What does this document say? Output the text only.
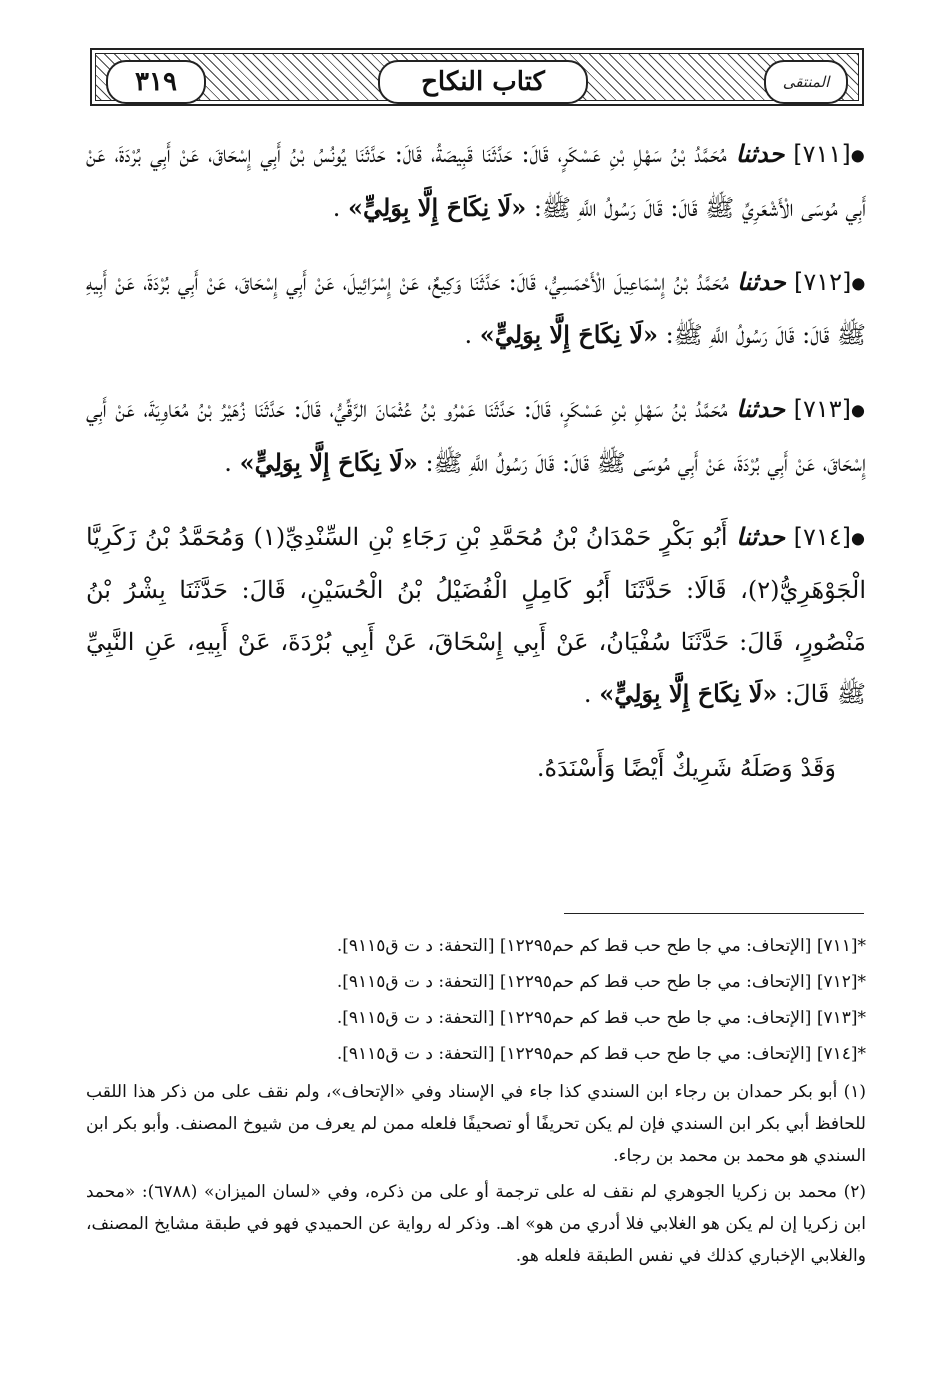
٣١٩	كتاب النكاح	المنتقى

●[٧١١] حدثنا مُحَمَّدُ بْنُ سَهْلِ بْنِ عَسْكَرٍ، قَالَ: حَدَّثَنَا قَبِيصَةُ، قَالَ: حَدَّثَنَا يُونُسُ بْنُ أَبِي إِسْحَاقَ، عَنْ أَبِي بُرْدَةَ، عَنْ أَبِي مُوسَى الْأَشْعَرِيِّ ﷺ قَالَ: قَالَ رَسُولُ اللَّهِ ﷺ: «لَا نِكَاحَ إِلَّا بِوَلِيٍّ» .

●[٧١٢] حدثنا مُحَمَّدُ بْنُ إِسْمَاعِيلَ الْأَحْمَسِيُّ، قَالَ: حَدَّثَنَا وَكِيعٌ، عَنْ إِسْرَائِيلَ، عَنْ أَبِي إِسْحَاقَ، عَنْ أَبِي بُرْدَةَ، عَنْ أَبِيهِ ﷺ قَالَ: قَالَ رَسُولُ اللَّهِ ﷺ: «لَا نِكَاحَ إِلَّا بِوَلِيٍّ» .

●[٧١٣] حدثنا مُحَمَّدُ بْنُ سَهْلِ بْنِ عَسْكَرٍ، قَالَ: حَدَّثَنَا عَمْرُو بْنُ عُثْمَانَ الرَّقِّيُّ، قَالَ: حَدَّثَنَا زُهَيْرُ بْنُ مُعَاوِيَةَ، عَنْ أَبِي إِسْحَاقَ، عَنْ أَبِي بُرْدَةَ، عَنْ أَبِي مُوسَى ﷺ قَالَ: قَالَ رَسُولُ اللَّهِ ﷺ: «لَا نِكَاحَ إِلَّا بِوَلِيٍّ» .

●[٧١٤] حدثنا أَبُو بَكْرٍ حَمْدَانُ بْنُ مُحَمَّدِ بْنِ رَجَاءِ بْنِ السِّنْدِيِّ(١) وَمُحَمَّدُ بْنُ زَكَرِيَّا الْجَوْهَرِيُّ(٢)، قَالَا: حَدَّثَنَا أَبُو كَامِلٍ الْفُضَيْلُ بْنُ الْحُسَيْنِ، قَالَ: حَدَّثَنَا بِشْرُ بْنُ مَنْصُورٍ، قَالَ: حَدَّثَنَا سُفْيَانُ، عَنْ أَبِي إِسْحَاقَ، عَنْ أَبِي بُرْدَةَ، عَنْ أَبِيهِ، عَنِ النَّبِيِّ ﷺ قَالَ: «لَا نِكَاحَ إِلَّا بِوَلِيٍّ» .

وَقَدْ وَصَلَهُ شَرِيكٌ أَيْضًا وَأَسْنَدَهُ.

*[٧١١] [الإتحاف: مي جا طح حب قط كم حم١٢٢٩٥] [التحفة: د ت ق٩١١٥].

*[٧١٢] [الإتحاف: مي جا طح حب قط كم حم١٢٢٩٥] [التحفة: د ت ق٩١١٥].

*[٧١٣] [الإتحاف: مي جا طح حب قط كم حم١٢٢٩٥] [التحفة: د ت ق٩١١٥].

*[٧١٤] [الإتحاف: مي جا طح حب قط كم حم١٢٢٩٥] [التحفة: د ت ق٩١١٥].

(١) أبو بكر حمدان بن رجاء ابن السندي كذا جاء في الإسناد وفي «الإتحاف»، ولم نقف على من ذكر هذا اللقب للحافظ أبي بكر ابن السندي فإن لم يكن تحريفًا أو تصحيفًا فلعله ممن لم يعرف من شيوخ المصنف. وأبو بكر ابن السندي هو محمد بن محمد بن رجاء.

(٢) محمد بن زكريا الجوهري لم نقف له على ترجمة أو على من ذكره، وفي «لسان الميزان» (٦٧٨٨): «محمد ابن زكريا إن لم يكن هو الغلابي فلا أدري من هو» اهـ. وذكر له رواية عن الحميدي فهو في طبقة مشايخ المصنف، والغلابي الإخباري كذلك في نفس الطبقة فلعله هو.
